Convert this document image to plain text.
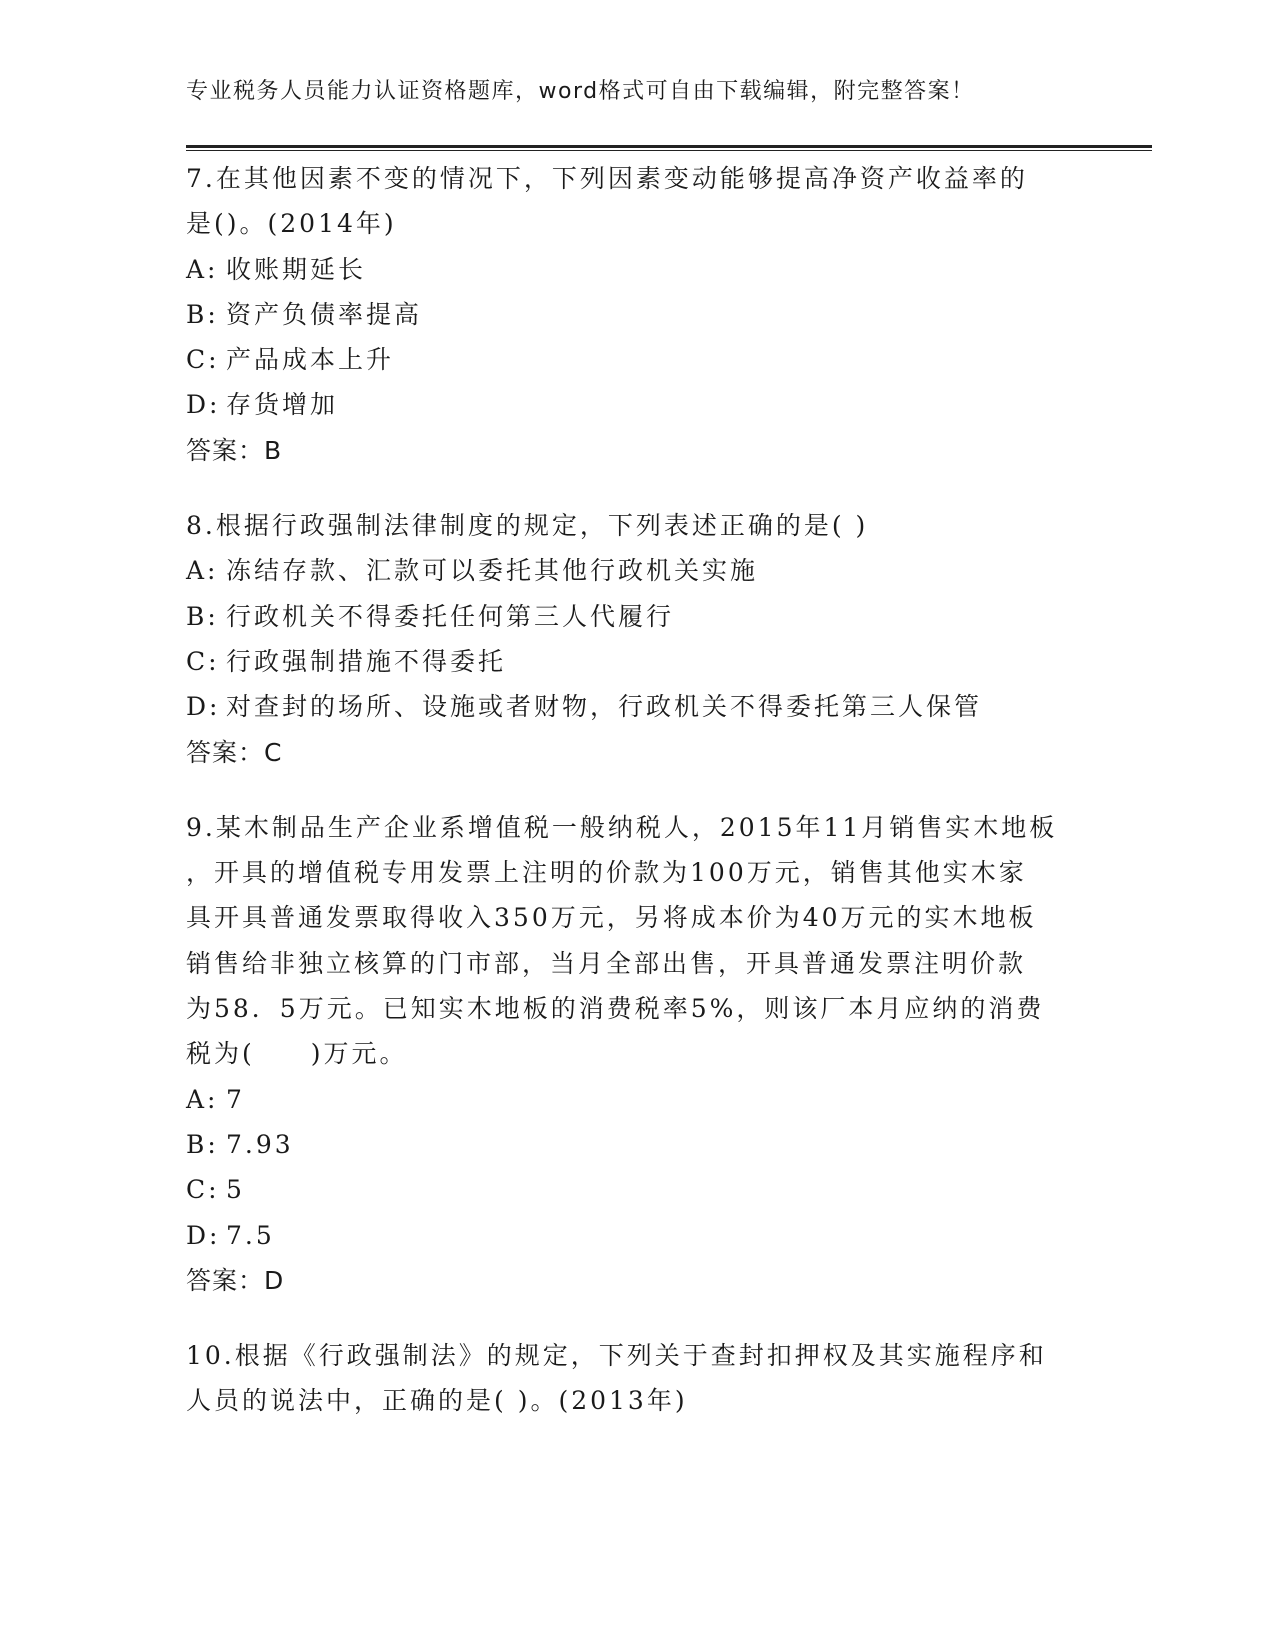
专业税务人员能力认证资格题库，word格式可自由下载编辑，附完整答案！
7.在其他因素不变的情况下，下列因素变动能够提高净资产收益率的
是()。(2014年)
A: 收账期延长
B: 资产负债率提高
C: 产品成本上升
D: 存货增加
答案：B
8.根据行政强制法律制度的规定，下列表述正确的是( )
A: 冻结存款、汇款可以委托其他行政机关实施
B: 行政机关不得委托任何第三人代履行
C: 行政强制措施不得委托
D: 对查封的场所、设施或者财物，行政机关不得委托第三人保管
答案：C
9.某木制品生产企业系增值税一般纳税人，2015年11月销售实木地板
，开具的增值税专用发票上注明的价款为100万元，销售其他实木家
具开具普通发票取得收入350万元，另将成本价为40万元的实木地板
销售给非独立核算的门市部，当月全部出售，开具普通发票注明价款
为58．5万元。已知实木地板的消费税率5%，则该厂本月应纳的消费
税为(　　)万元。
A: 7
B: 7.93
C: 5
D: 7.5
答案：D
10.根据《行政强制法》的规定，下列关于查封扣押权及其实施程序和
人员的说法中，正确的是( )。(2013年)
